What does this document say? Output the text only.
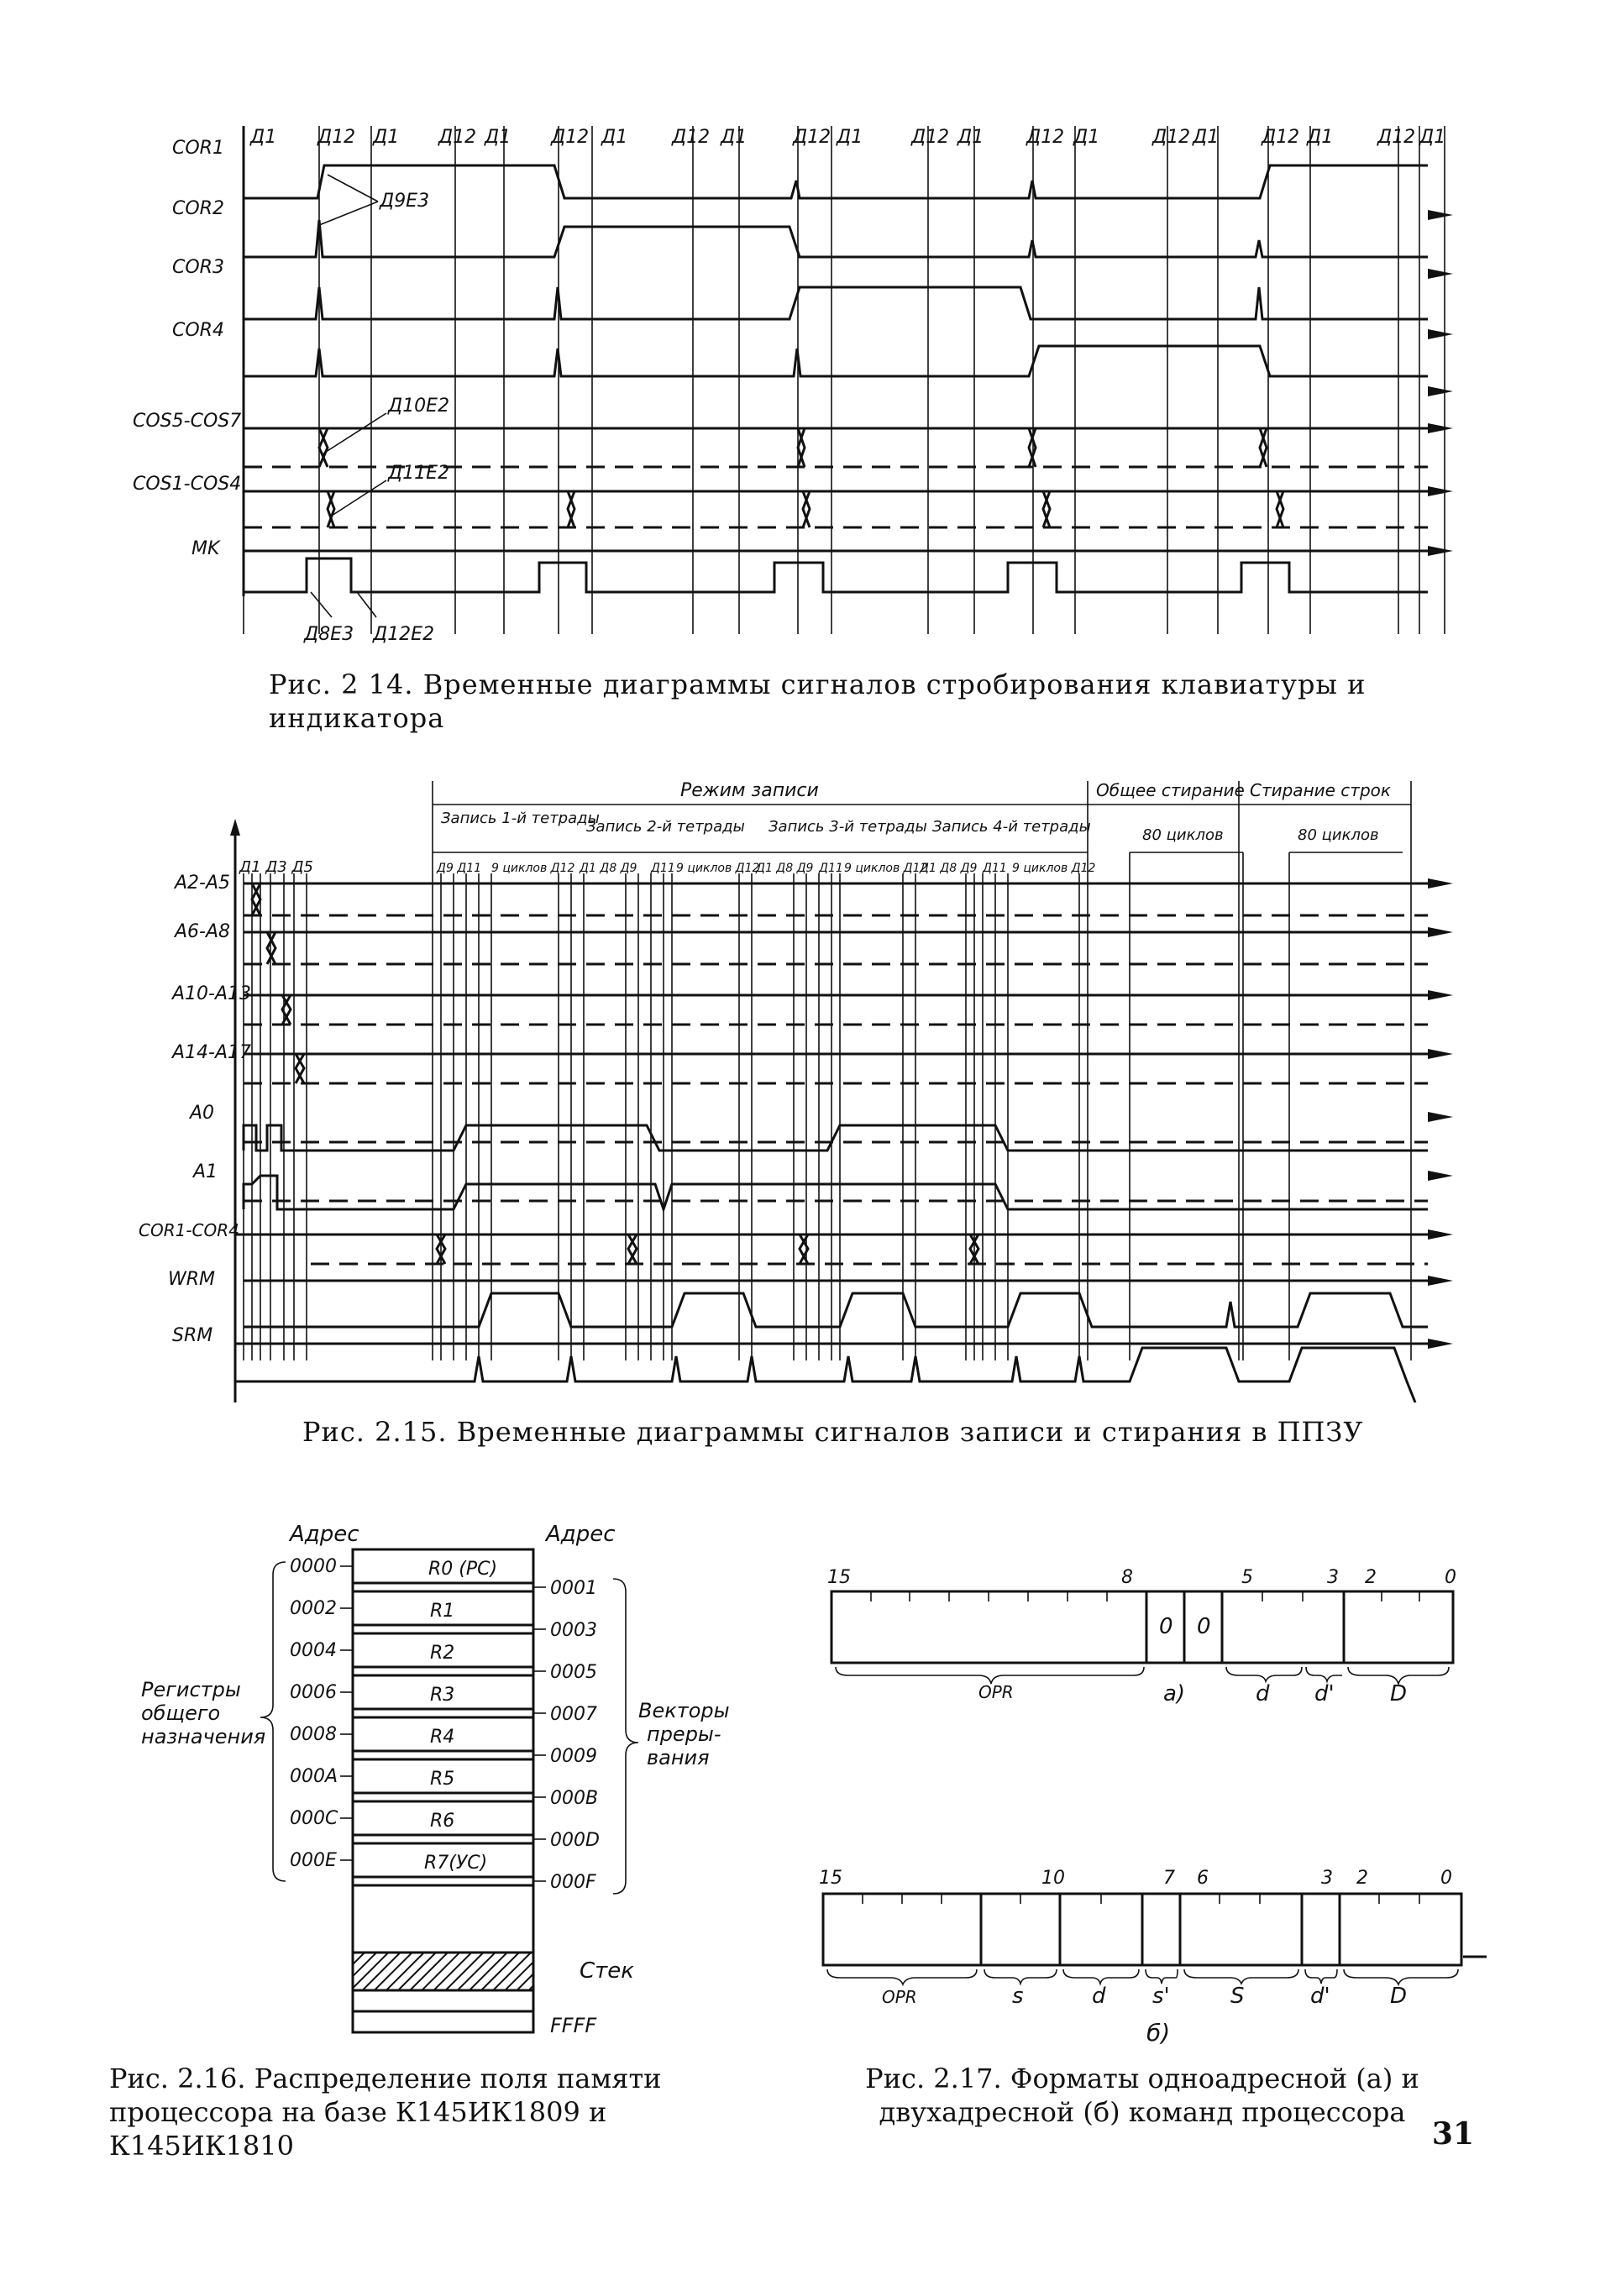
COR1
COR2
COR3
COR4
COS5-COS7
COS1-COS4
MK
Д1 Д12 Д1 Д12 Д1 Д12 Д1 Д12 Д1 Д12 Д1	Д12 Д1 Д12 Д1	Д12 Д1 Д12 Д1 Д12 Д1
Д9Е3
Д10Е2
Д11Е2
Д8Е3 Д12Е2
Режим записи	Общее стирание Стирание строк
Запись 1-й тетрады
Запись 2-й тетрады Запись 3-й тетрады Запись 4-й тетрады	80 циклов	80 циклов
Д1 Д3 Д5	Д9 Д11 9 циклов Д12 Д1 Д8 Д9 Д11 9 циклов Д12
Д1 Д8 Д9 Д11 9 циклов Д12
Д1 Д8 Д9 Д11 9 циклов Д12
A2-A5
A6-A8
A10-A13
A14-A17
A0
A1
COR1-COR4
WRM
SRM
Адрес	Адрес
0000
0002
0004
0006
0008
000A
000C
000E
0001
0003
0005
0007
0009
000B
000D
000F
R0 (PC)
R1
R2
R3
R4
R5
R6
R7(УС)
Стек
FFFF
Регистры
общего
назначения
Векторы
преры-
вания
15	8	5	3 2	0
0 0
OPR	а)	d d'	D
15	10	7 6	3 2	0
OPR	s	d s'	S	d'	D
б)
Рис. 2 14. Временные диаграммы сигналов стробирования клавиатуры и индикатора
Рис. 2.15. Временные диаграммы сигналов записи и стирания в ППЗУ
Рис. 2.16. Распределение поля памяти процессора на базе К145ИК1809 и К145ИК1810
Рис. 2.17. Форматы одноадресной (а) и двухадресной (б) команд процессора
31
